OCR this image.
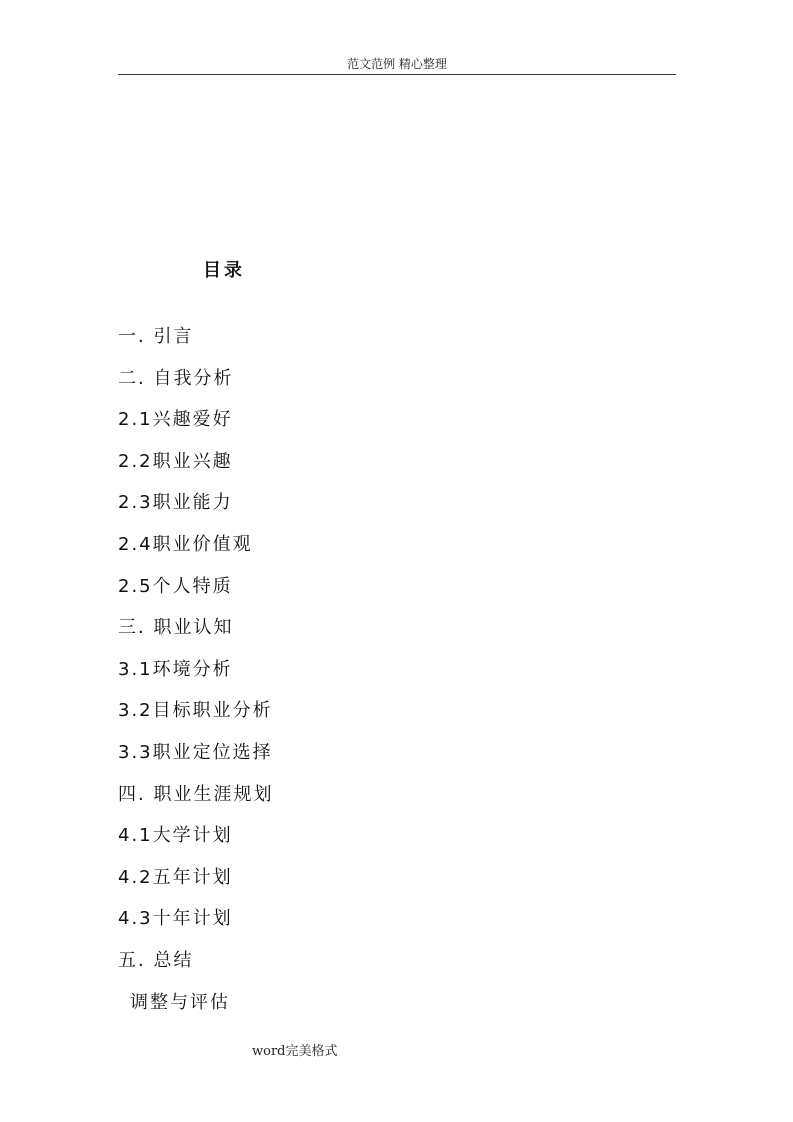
范文范例 精心整理
目录
一. 引言
二. 自我分析
2.1兴趣爱好
2.2职业兴趣
2.3职业能力
2.4职业价值观
2.5个人特质
三. 职业认知
3.1环境分析
3.2目标职业分析
3.3职业定位选择
四. 职业生涯规划
4.1大学计划
4.2五年计划
4.3十年计划
五. 总结
调整与评估
word完美格式
